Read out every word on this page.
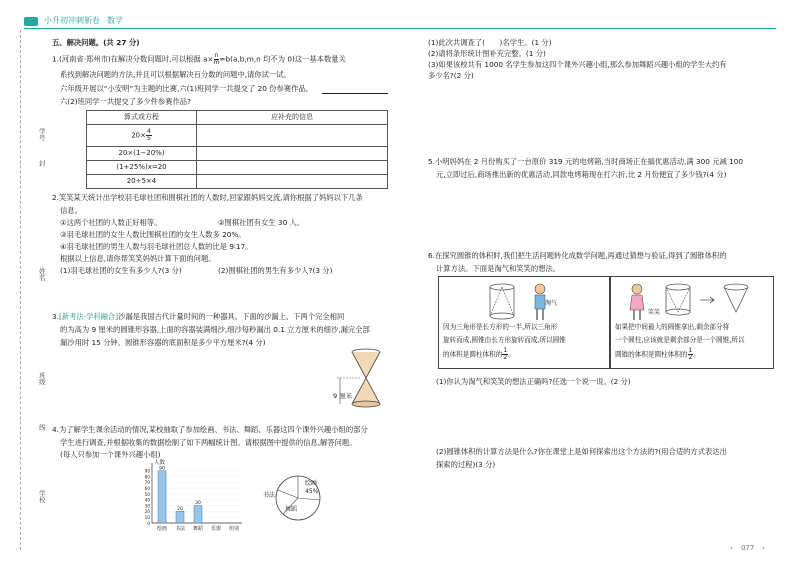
小升初冲刺新卷 数学
学号
姓名
班级
学校
封
线
五、解决问题。(共 27 分)
1.(河南省·郑州市)在解决分数问题时,可以根据 $a\times \frac{n}{m} =b(a,b,m,n$ 均不为 0)这一基本数量关
系找到解决问题的方法,并且可以根据解决百分数的问题中,请你试一试。
六年级开展以“小安明”为主题的比赛,六(1)班同学一共提交了 20 份参赛作品,
六(2)班同学一共提交了多少件参赛作品?
算式或方程	应补充的信息
$20\times \frac{4}{5}$

20×(1−20%)	
(1+25%)x=20	
20÷5×4	
2.笑笑某天统计出学校羽毛球社团和围棋社团的人数时,回家跟妈妈交流,请你根据了妈妈以下几条
信息。
①这两个社团的人数正好相等。	②围棋社团有女生 30 人。
③羽毛球社团的女生人数比围棋社团的女生人数多 20%。
④羽毛球社团的男生人数与羽毛球社团总人数的比是 9∶17。
根据以上信息,请你帮笑笑妈妈计算下面的问题。
(1)羽毛球社团的女生有多少人?(3 分)	(2)围棋社团的男生有多少人?(3 分)
3.[新考法·学科融合]沙漏是我国古代计量时间的一种器具。下面的沙漏上、下两个完全相同
的为高为 9 厘米的圆锥形容器,上面的容器装满细沙,细沙每秒漏出 0.1 立方厘米的细沙,漏完全部
漏沙用时 15 分钟。圆锥形容器的底面积是多少平方厘米?(4 分)
9 厘米
4.为了解学生课余活动的情况,某校抽取了参加绘画、书法、舞蹈、乐器这四个课外兴趣小组的部分
学生进行调查,并根据收集的数据绘制了如下两幅统计图。请根据图中提供的信息,解答问题。
(每人只参加一个课外兴趣小组)
人数
90
80
70
60
50
40
30
20
10
0
90
绘画
20
书法
30
舞蹈 乐器 组别
绘画
45%
书法
舞蹈
(1)此次共调查了(　　)名学生。(1 分)
(2)请将条形统计图补充完整。(1 分)
(3)如果该校共有 1000 名学生参加这四个课外兴趣小组,那么参加舞蹈兴趣小组的学生大约有
多少名?(2 分)
5.小明妈妈在 2 月份购买了一台原价 319 元的电烤箱,当时商场正在搞优惠活动,满 300 元减 100
元,立即过后,商场推出新的优惠活动,同款电烤箱现在打六折,比 2 月份便宜了多少钱?(4 分)
6.在探究圆锥的体积时,我们把生活问题转化成数学问题,再通过猜想与验证,得到了圆锥体积的
计算方法。下面是淘气和笑笑的想法。
淘气
笑笑
因为三角形是长方形的一半,所以三角形
旋转而成,圆锥由长方形旋转而成,所以圆锥
的体积是圆柱体积的 $\frac{1}{2}$ 。
如果把中间最大的圆锥拿出,剩余部分将
一个圆柱,应该就是剩余部分是一个圆锥,所以
圆锥的体积是圆柱体积的 $\frac{1}{2}$ 。
(1)你认为淘气和笑笑的想法正确吗?任选一个说一说。(2 分)
(2)圆锥体积的计算方法是什么?你在课堂上是如何探索出这个方法的?(用合适的方式表达出
探索的过程)(3 分)
‹ 077 ›
